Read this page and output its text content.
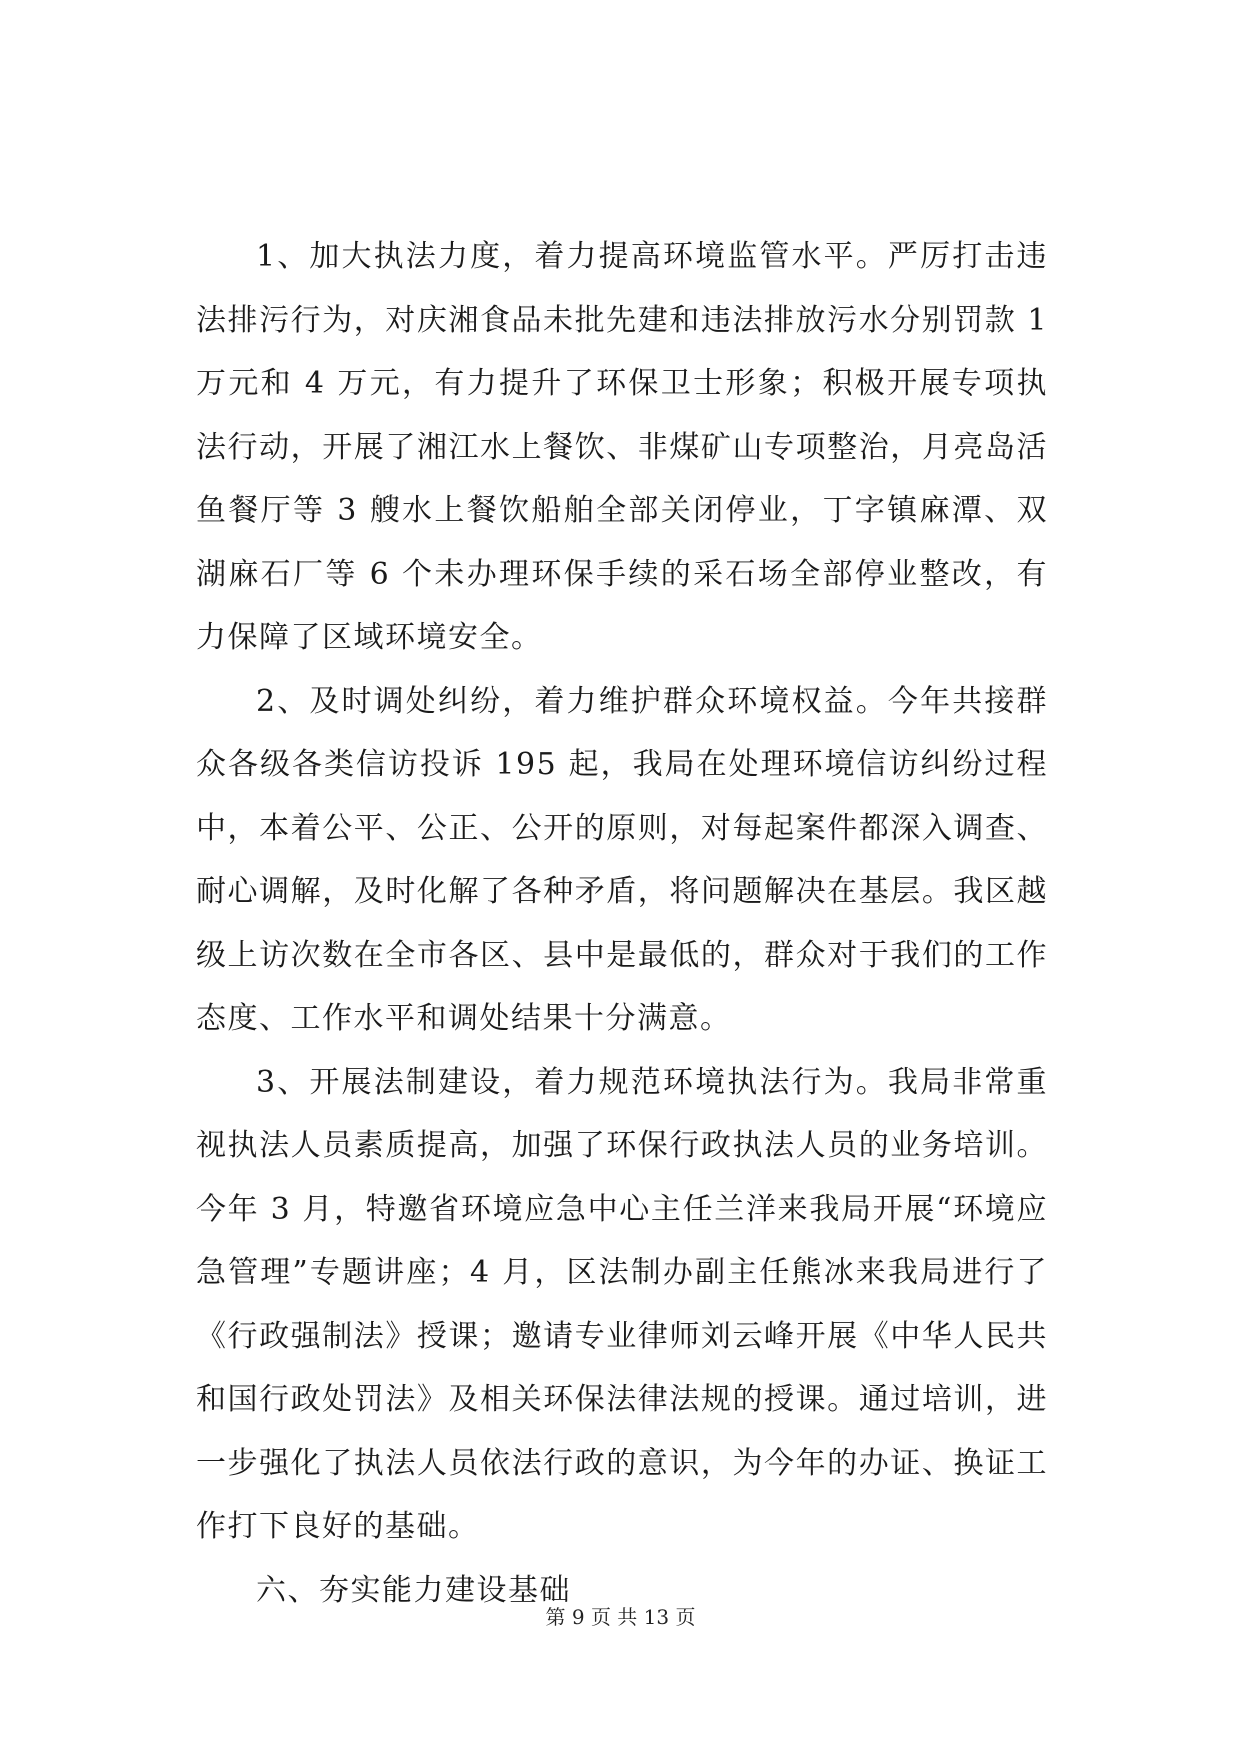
1、加大执法力度，着力提高环境监管水平。严厉打击违法排污行为，对庆湘食品未批先建和违法排放污水分别罚款 1 万元和 4 万元，有力提升了环保卫士形象；积极开展专项执法行动，开展了湘江水上餐饮、非煤矿山专项整治，月亮岛活鱼餐厅等 3 艘水上餐饮船舶全部关闭停业，丁字镇麻潭、双湖麻石厂等 6 个未办理环保手续的采石场全部停业整改，有力保障了区域环境安全。

2、及时调处纠纷，着力维护群众环境权益。今年共接群众各级各类信访投诉 195 起，我局在处理环境信访纠纷过程中，本着公平、公正、公开的原则，对每起案件都深入调查、耐心调解，及时化解了各种矛盾，将问题解决在基层。我区越级上访次数在全市各区、县中是最低的，群众对于我们的工作态度、工作水平和调处结果十分满意。

3、开展法制建设，着力规范环境执法行为。我局非常重视执法人员素质提高，加强了环保行政执法人员的业务培训。今年 3 月，特邀省环境应急中心主任兰洋来我局开展“环境应急管理”专题讲座；4 月，区法制办副主任熊冰来我局进行了《行政强制法》授课；邀请专业律师刘云峰开展《中华人民共和国行政处罚法》及相关环保法律法规的授课。通过培训，进一步强化了执法人员依法行政的意识，为今年的办证、换证工作打下良好的基础。

六、夯实能力建设基础

第 9 页 共 13 页
